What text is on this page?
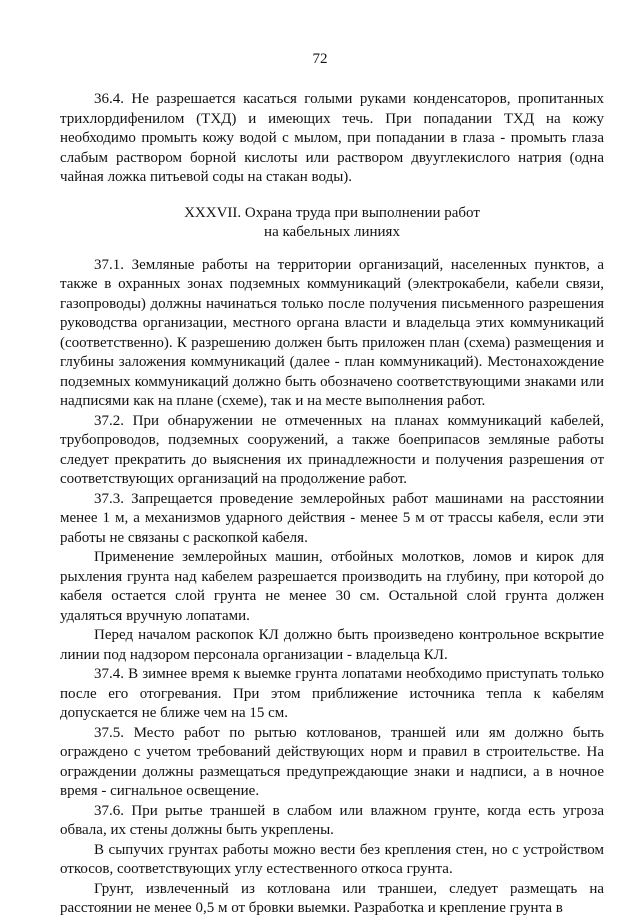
72

36.4. Не разрешается касаться голыми руками конденсаторов, пропитанных трихлордифенилом (ТХД) и имеющих течь. При попадании ТХД на кожу необходимо промыть кожу водой с мылом, при попадании в глаза - промыть глаза слабым раствором борной кислоты или раствором двууглекислого натрия (одна чайная ложка питьевой соды на стакан воды).

XXXVII. Охрана труда при выполнении работ
на кабельных линиях

37.1. Земляные работы на территории организаций, населенных пунктов, а также в охранных зонах подземных коммуникаций (электрокабели, кабели связи, газопроводы) должны начинаться только после получения письменного разрешения руководства организации, местного органа власти и владельца этих коммуникаций (соответственно). К разрешению должен быть приложен план (схема) размещения и глубины заложения коммуникаций (далее - план коммуникаций). Местонахождение подземных коммуникаций должно быть обозначено соответствующими знаками или надписями как на плане (схеме), так и на месте выполнения работ.

37.2. При обнаружении не отмеченных на планах коммуникаций кабелей, трубопроводов, подземных сооружений, а также боеприпасов земляные работы следует прекратить до выяснения их принадлежности и получения разрешения от соответствующих организаций на продолжение работ.

37.3. Запрещается проведение землеройных работ машинами на расстоянии менее 1 м, а механизмов ударного действия - менее 5 м от трассы кабеля, если эти работы не связаны с раскопкой кабеля.

Применение землеройных машин, отбойных молотков, ломов и кирок для рыхления грунта над кабелем разрешается производить на глубину, при которой до кабеля остается слой грунта не менее 30 см. Остальной слой грунта должен удаляться вручную лопатами.

Перед началом раскопок КЛ должно быть произведено контрольное вскрытие линии под надзором персонала организации - владельца КЛ.

37.4. В зимнее время к выемке грунта лопатами необходимо приступать только после его отогревания. При этом приближение источника тепла к кабелям допускается не ближе чем на 15 см.

37.5. Место работ по рытью котлованов, траншей или ям должно быть ограждено с учетом требований действующих норм и правил в строительстве. На ограждении должны размещаться предупреждающие знаки и надписи, а в ночное время - сигнальное освещение.

37.6. При рытье траншей в слабом или влажном грунте, когда есть угроза обвала, их стены должны быть укреплены.

В сыпучих грунтах работы можно вести без крепления стен, но с устройством откосов, соответствующих углу естественного откоса грунта.

Грунт, извлеченный из котлована или траншеи, следует размещать на расстоянии не менее 0,5 м от бровки выемки. Разработка и крепление грунта в
